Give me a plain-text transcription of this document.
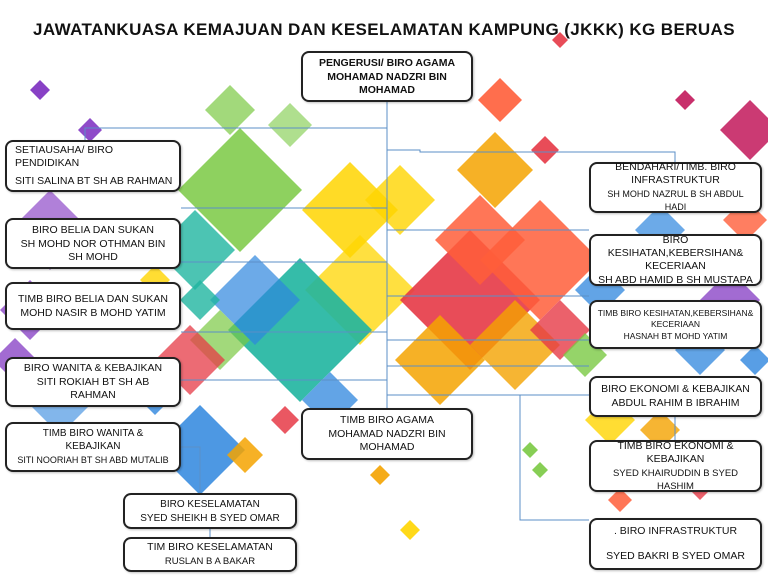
JAWATANKUASA KEMAJUAN DAN KESELAMATAN KAMPUNG (JKKK) KG BERUAS
PENGERUSI/ BIRO AGAMA
MOHAMAD NADZRI BIN MOHAMAD
SETIAUSAHA/ BIRO PENDIDIKAN
SITI SALINA BT SH AB RAHMAN
BIRO BELIA DAN SUKAN
SH MOHD NOR OTHMAN BIN SH MOHD
TIMB BIRO BELIA DAN SUKAN
MOHD NASIR B MOHD YATIM
BIRO WANITA & KEBAJIKAN
SITI ROKIAH BT SH AB RAHMAN
TIMB BIRO WANITA & KEBAJIKAN
SITI NOORIAH BT SH ABD MUTALIB
TIMB BIRO AGAMA
MOHAMAD NADZRI BIN MOHAMAD
BIRO KESELAMATAN
SYED SHEIKH B SYED OMAR
TIM BIRO KESELAMATAN
RUSLAN B A BAKAR
BENDAHARI/TIMB. BIRO INFRASTRUKTUR
SH MOHD NAZRUL B SH ABDUL HADI
BIRO KESIHATAN,KEBERSIHAN& KECERIAAN
SH ABD HAMID B SH MUSTAPA
TIMB BIRO KESIHATAN,KEBERSIHAN& KECERIAAN
HASNAH BT MOHD YATIM
BIRO EKONOMI & KEBAJIKAN
ABDUL RAHIM B IBRAHIM
TIMB BIRO EKONOMI & KEBAJIKAN
SYED KHAIRUDDIN B SYED HASHIM
. BIRO INFRASTRUKTUR
SYED BAKRI B SYED OMAR
